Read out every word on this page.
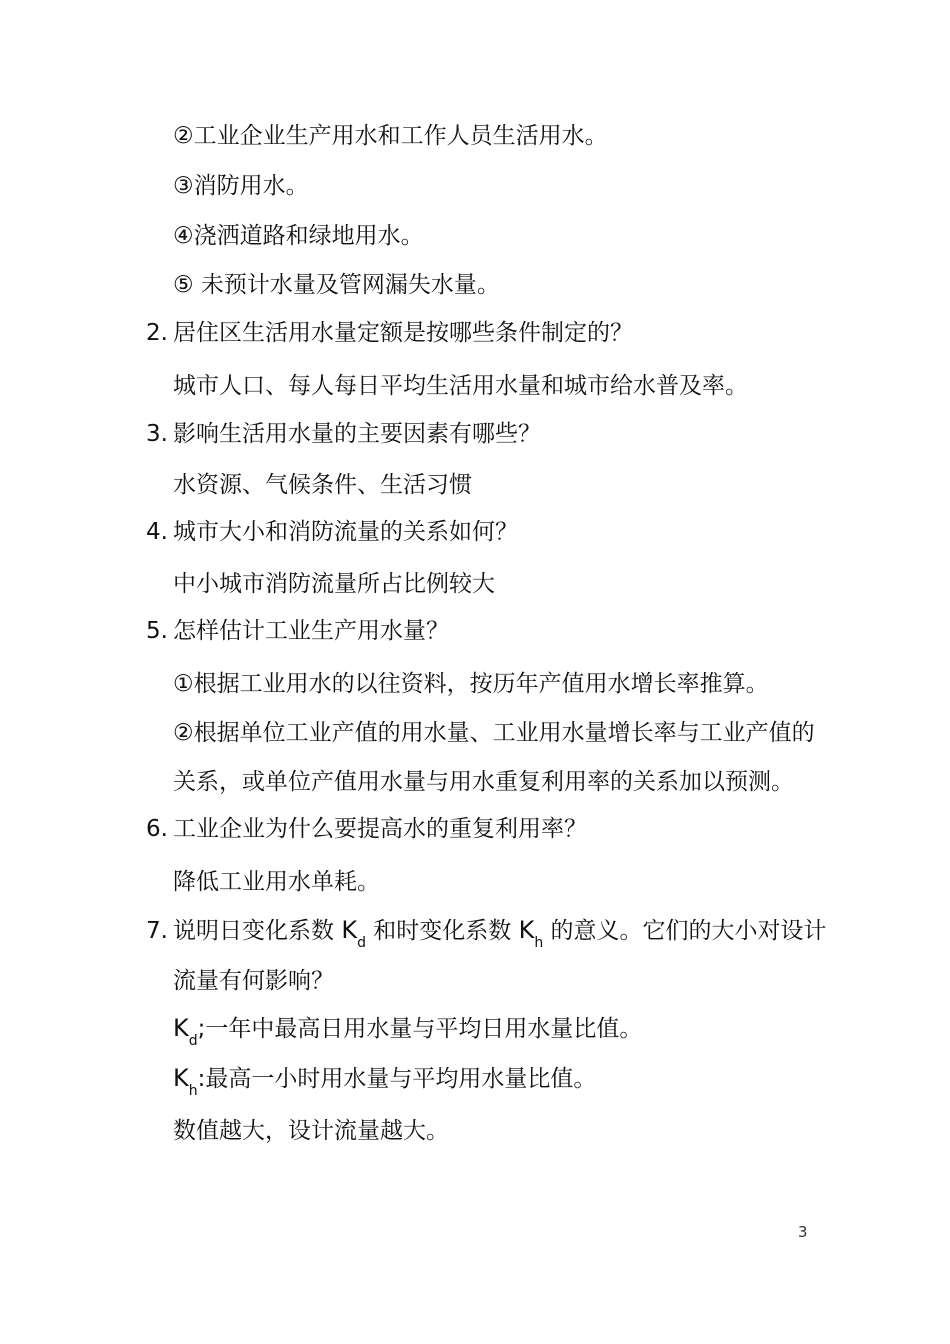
②工业企业生产用水和工作人员生活用水。
③消防用水。
④浇洒道路和绿地用水。
⑤ 未预计水量及管网漏失水量。
2. 居住区生活用水量定额是按哪些条件制定的？
城市人口、每人每日平均生活用水量和城市给水普及率。
3. 影响生活用水量的主要因素有哪些？
水资源、气候条件、生活习惯
4. 城市大小和消防流量的关系如何？
中小城市消防流量所占比例较大
5. 怎样估计工业生产用水量？
①根据工业用水的以往资料，按历年产值用水增长率推算。
②根据单位工业产值的用水量、工业用水量增长率与工业产值的
关系，或单位产值用水量与用水重复利用率的关系加以预测。
6. 工业企业为什么要提高水的重复利用率？
降低工业用水单耗。
7. 说明日变化系数 $K_d$ 和时变化系数 $K_h$ 的意义。它们的大小对设计
流量有何影响？
$K_d$;一年中最高日用水量与平均日用水量比值。
$K_h$:最高一小时用水量与平均用水量比值。
数值越大，设计流量越大。
3
